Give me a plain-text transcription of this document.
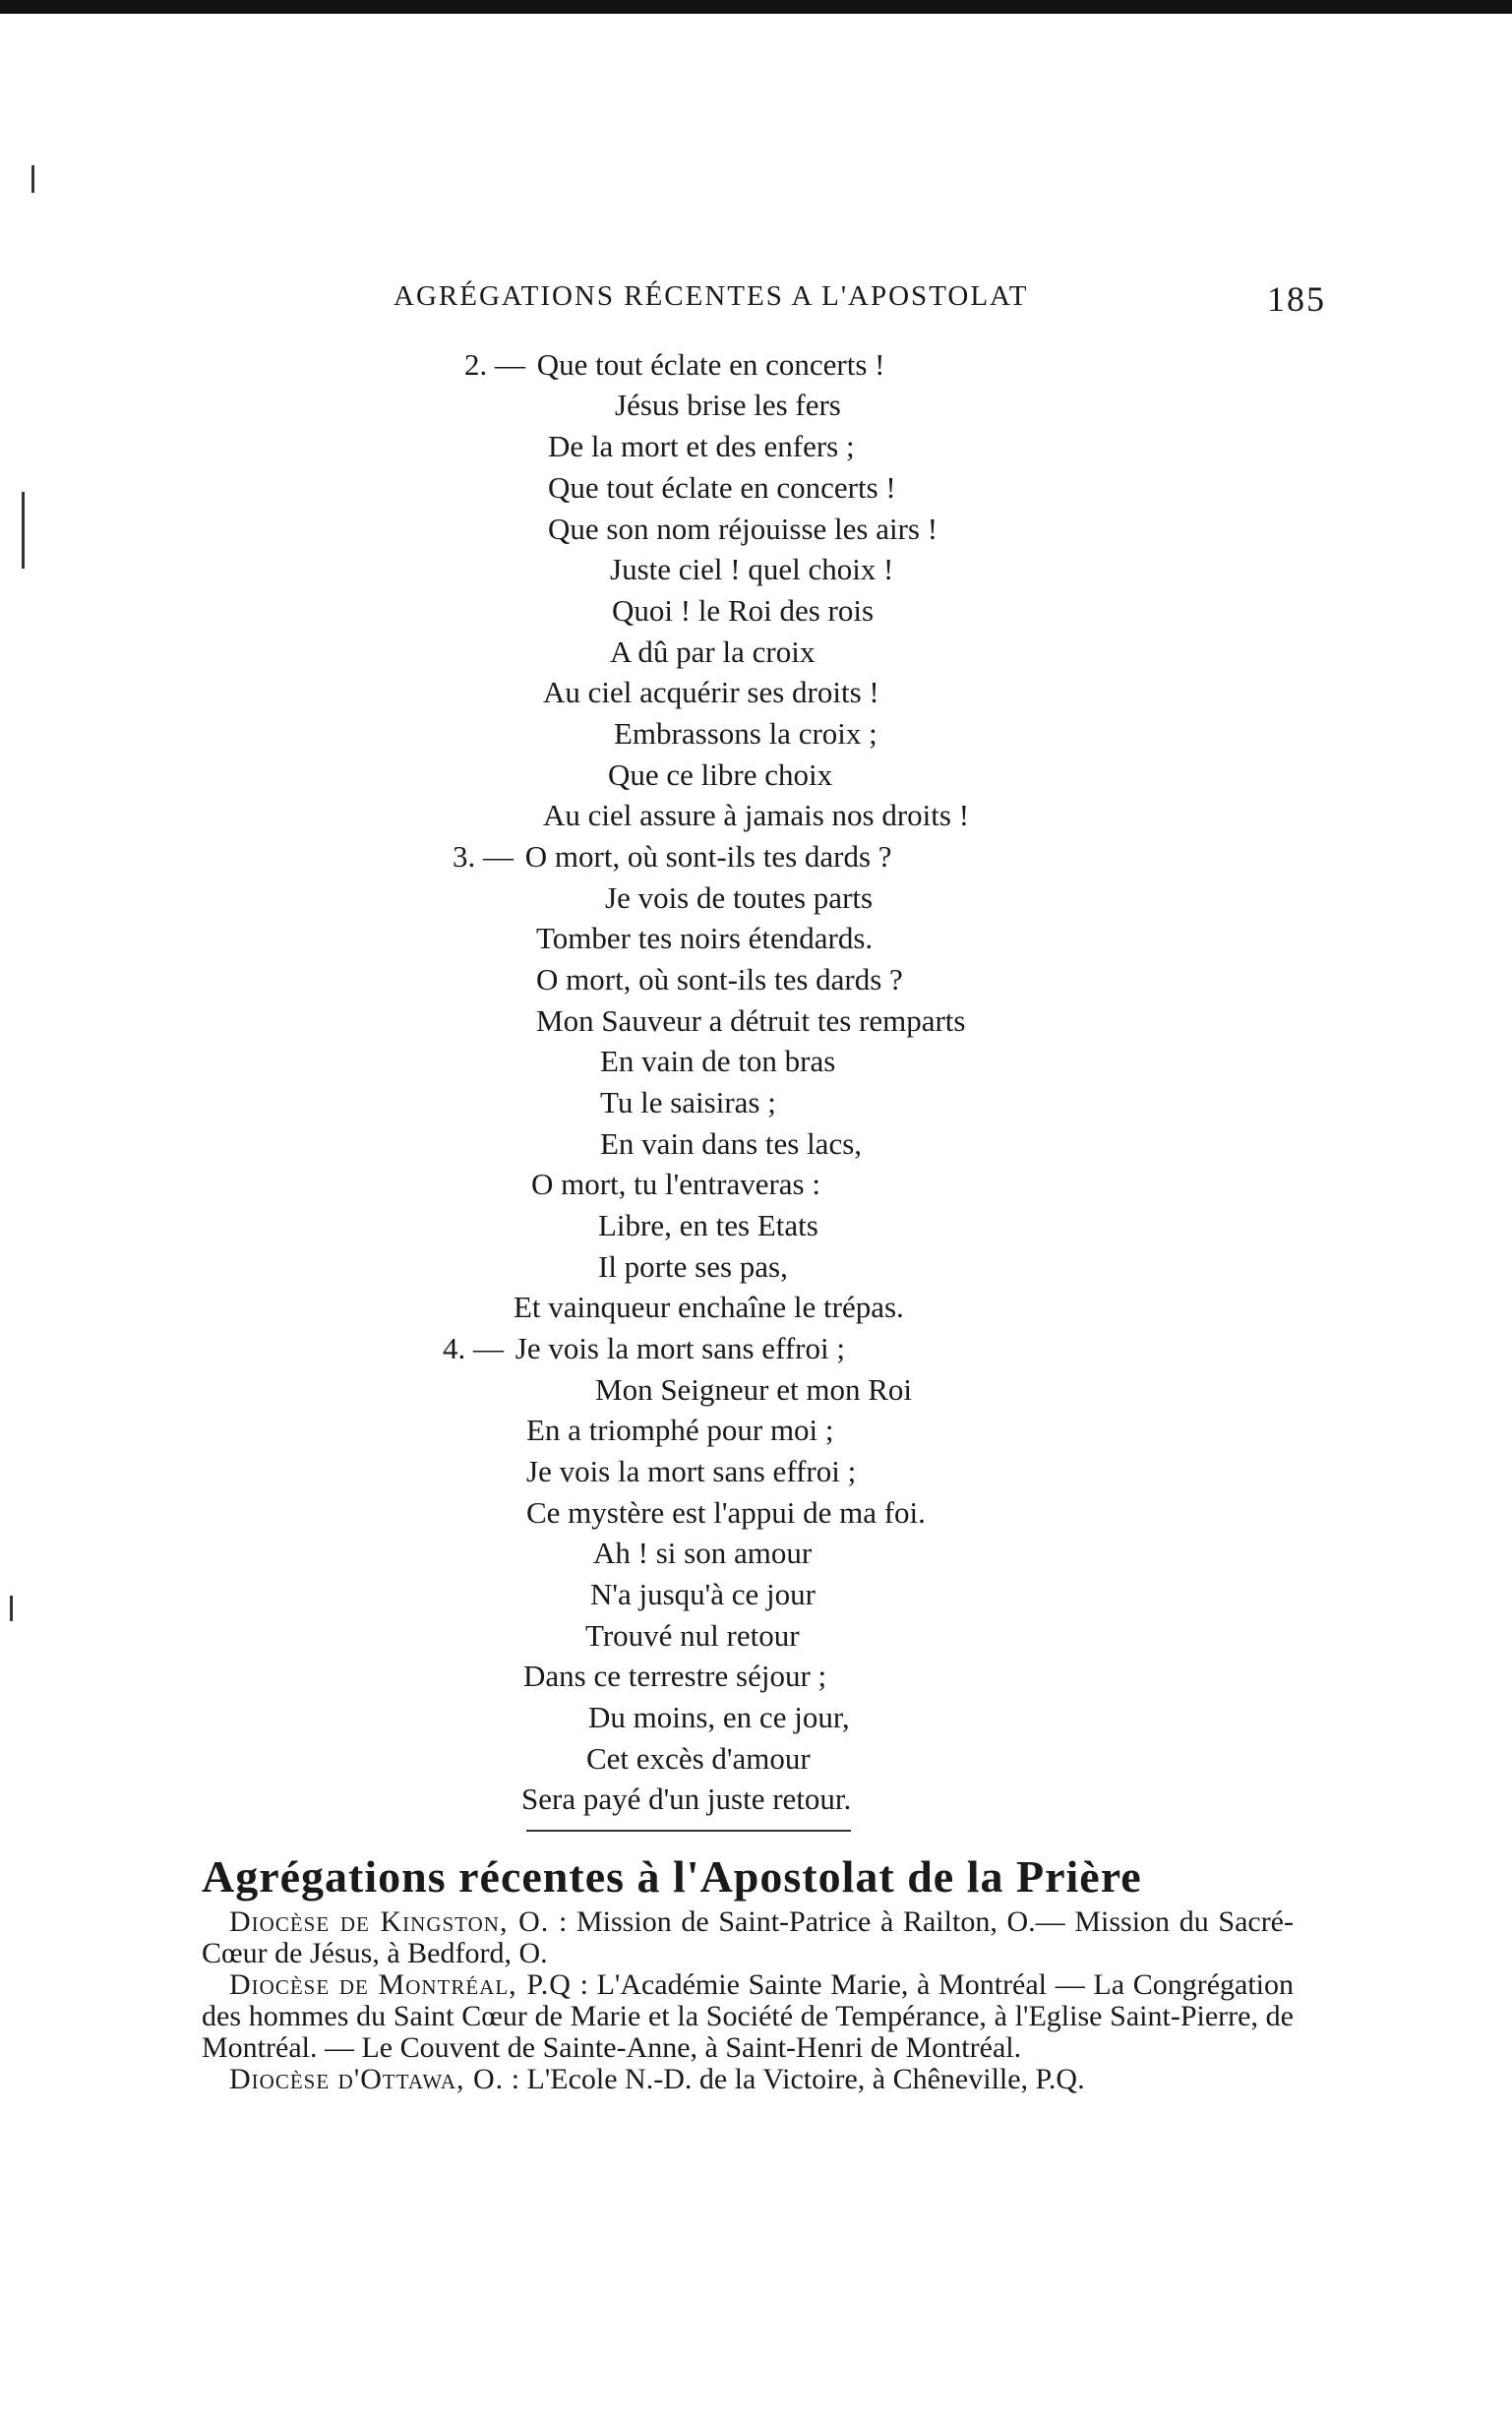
AGRÉGATIONS RÉCENTES A L'APOSTOLAT	185
2. — Que tout éclate en concerts !
Jésus brise les fers
De la mort et des enfers ;
Que tout éclate en concerts !
Que son nom réjouisse les airs !
Juste ciel ! quel choix !
Quoi ! le Roi des rois
A dû par la croix
Au ciel acquérir ses droits !
Embrassons la croix ;
Que ce libre choix
Au ciel assure à jamais nos droits !
3. — O mort, où sont-ils tes dards ?
Je vois de toutes parts
Tomber tes noirs étendards.
O mort, où sont-ils tes dards ?
Mon Sauveur a détruit tes remparts
En vain de ton bras
Tu le saisiras ;
En vain dans tes lacs,
O mort, tu l'entraveras :
Libre, en tes Etats
Il porte ses pas,
Et vainqueur enchaîne le trépas.
4. — Je vois la mort sans effroi ;
Mon Seigneur et mon Roi
En a triomphé pour moi ;
Je vois la mort sans effroi ;
Ce mystère est l'appui de ma foi.
Ah ! si son amour
N'a jusqu'à ce jour
Trouvé nul retour
Dans ce terrestre séjour ;
Du moins, en ce jour,
Cet excès d'amour
Sera payé d'un juste retour.
Agrégations récentes à l'Apostolat de la Prière

Diocèse de Kingston, O. : Mission de Saint-Patrice à Railton, O.— Mission du Sacré-Cœur de Jésus, à Bedford, O.

Diocèse de Montréal, P.Q : L'Académie Sainte Marie, à Montréal — La Congrégation des hommes du Saint Cœur de Marie et la Société de Tempérance, à l'Eglise Saint-Pierre, de Montréal. — Le Couvent de Sainte-Anne, à Saint-Henri de Montréal.

Diocèse d'Ottawa, O. : L'Ecole N.-D. de la Victoire, à Chêneville, P.Q.
